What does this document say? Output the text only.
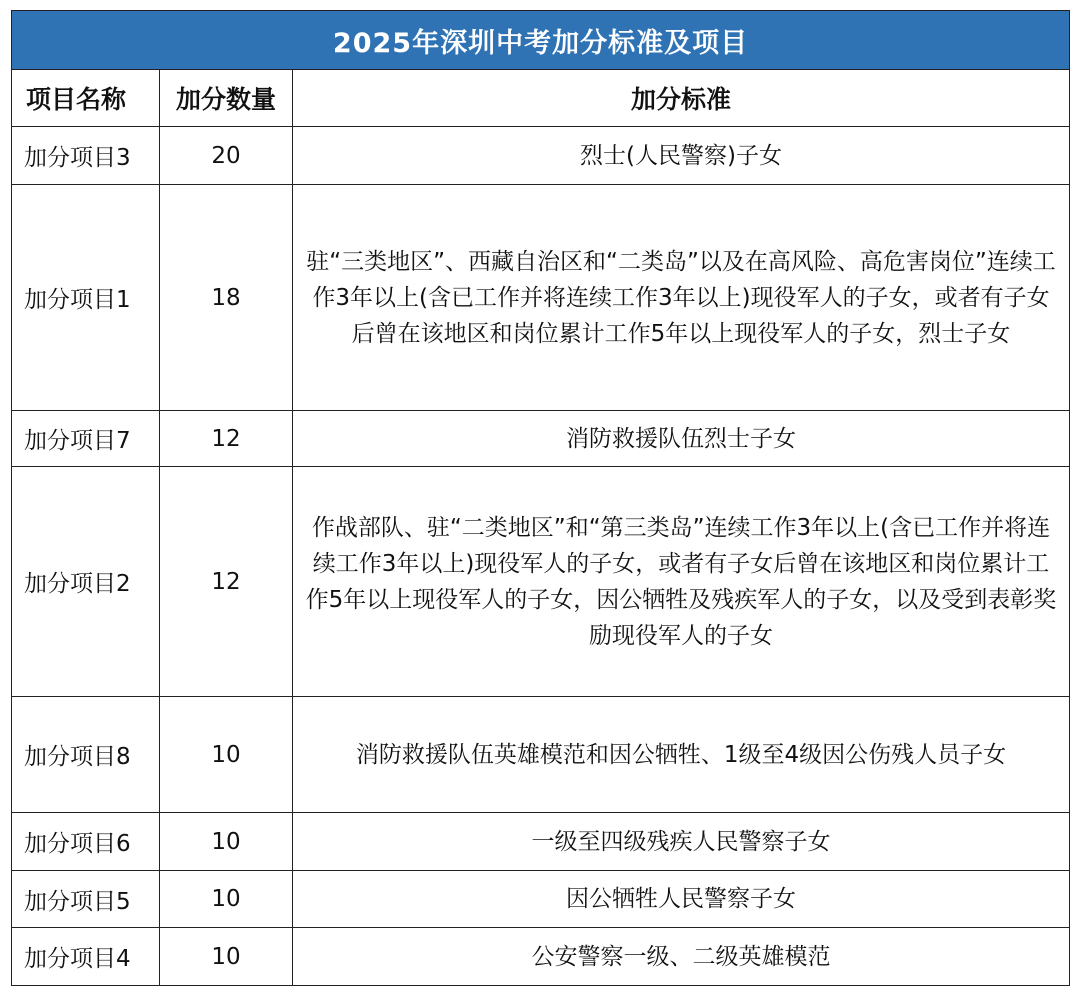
2025年深圳中考加分标准及项目		
项目名称	加分数量	加分标准
加分项目3	20	烈士(人民警察)子女
加分项目1	18	驻“三类地区”、西藏自治区和“二类岛”以及在高风险、高危害岗位”连续工作3年以上(含已工作并将连续工作3年以上)现役军人的子女，或者有子女后曾在该地区和岗位累计工作5年以上现役军人的子女，烈士子女
加分项目7	12	消防救援队伍烈士子女
加分项目2	12	作战部队、驻“二类地区”和“第三类岛”连续工作3年以上(含已工作并将连续工作3年以上)现役军人的子女，或者有子女后曾在该地区和岗位累计工作5年以上现役军人的子女，因公牺牲及残疾军人的子女，以及受到表彰奖励现役军人的子女
加分项目8	10	消防救援队伍英雄模范和因公牺牲、1级至4级因公伤残人员子女
加分项目6	10	一级至四级残疾人民警察子女
加分项目5	10	因公牺牲人民警察子女
加分项目4	10	公安警察一级、二级英雄模范
